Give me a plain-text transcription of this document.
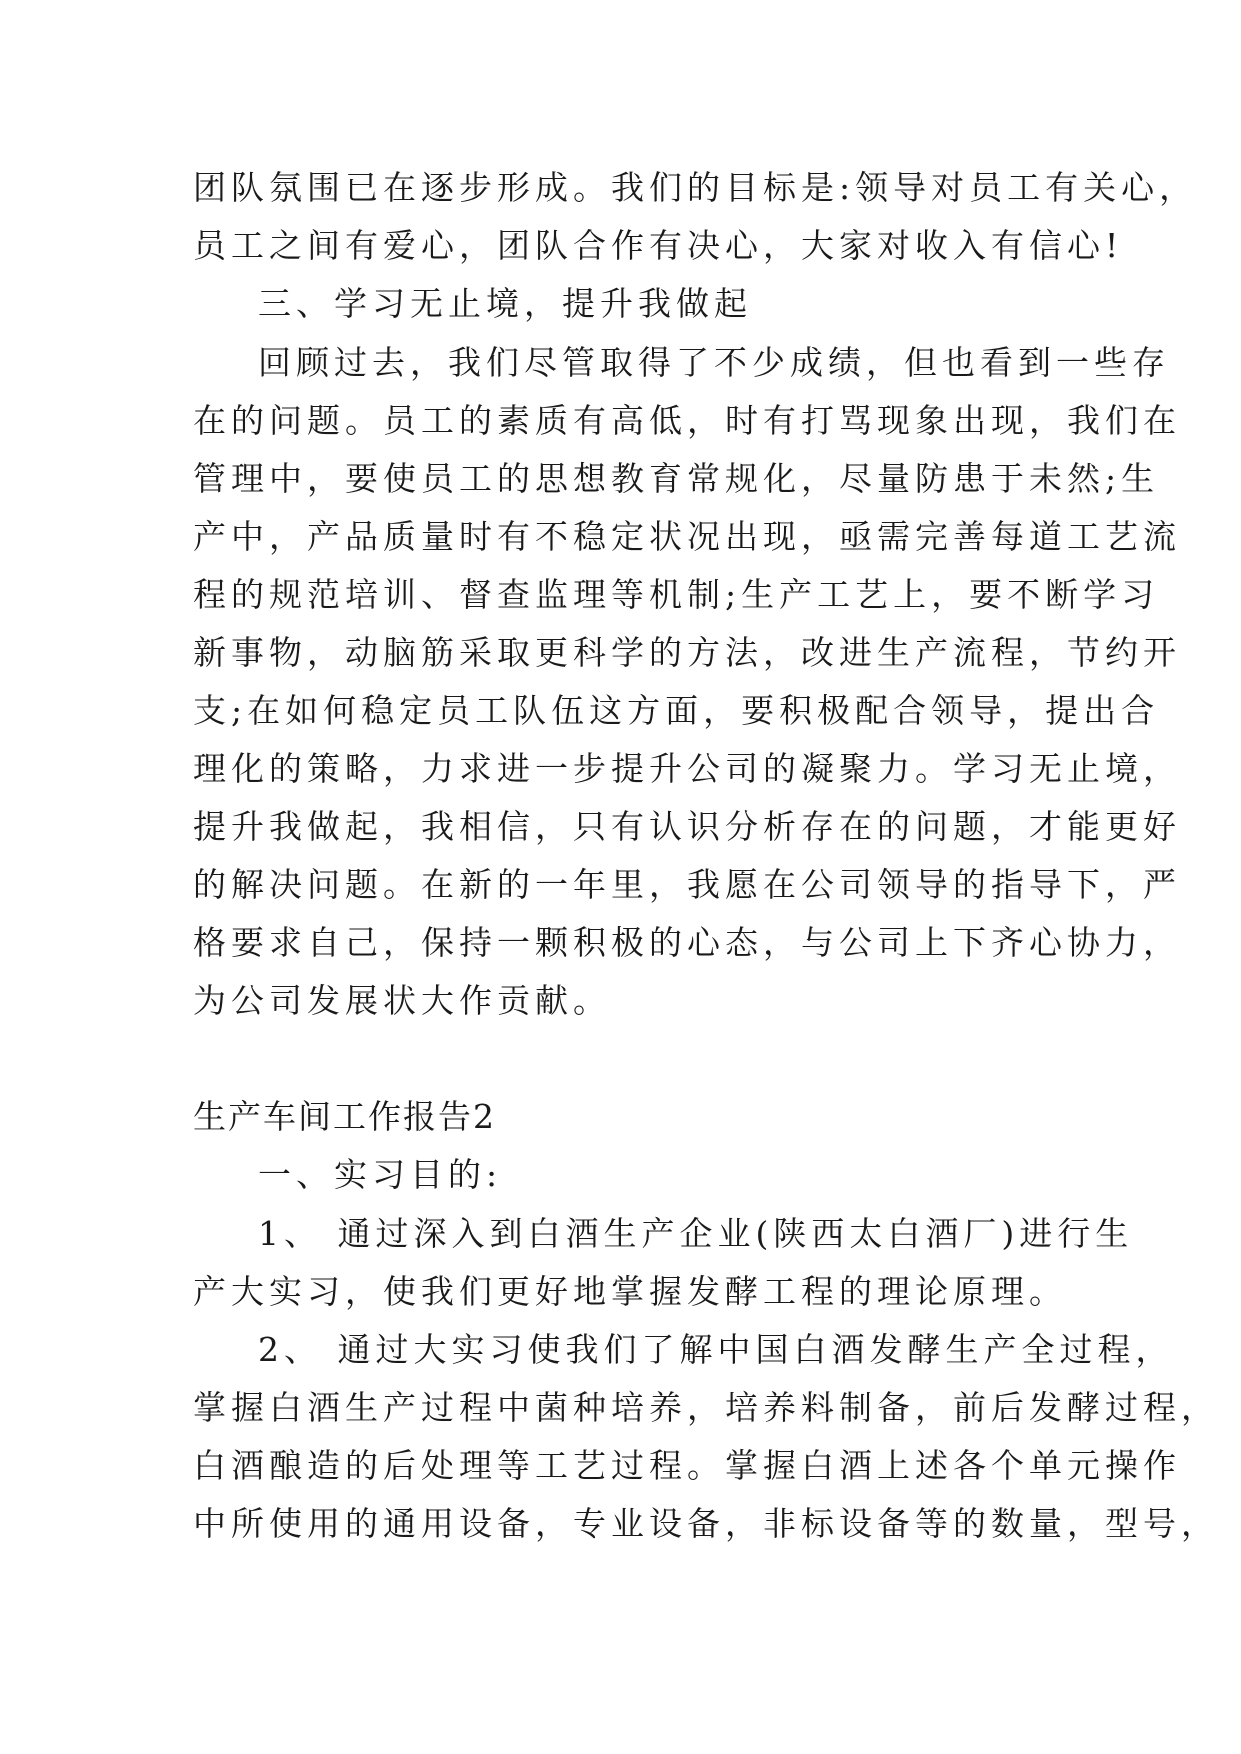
团队氛围已在逐步形成。我们的目标是:领导对员工有关心，
员工之间有爱心，团队合作有决心，大家对收入有信心!
三、学习无止境，提升我做起
回顾过去，我们尽管取得了不少成绩，但也看到一些存
在的问题。员工的素质有高低，时有打骂现象出现，我们在
管理中，要使员工的思想教育常规化，尽量防患于未然;生
产中，产品质量时有不稳定状况出现，亟需完善每道工艺流
程的规范培训、督查监理等机制;生产工艺上，要不断学习
新事物，动脑筋采取更科学的方法，改进生产流程，节约开
支;在如何稳定员工队伍这方面，要积极配合领导，提出合
理化的策略，力求进一步提升公司的凝聚力。学习无止境，
提升我做起，我相信，只有认识分析存在的问题，才能更好
的解决问题。在新的一年里，我愿在公司领导的指导下，严
格要求自己，保持一颗积极的心态，与公司上下齐心协力，
为公司发展状大作贡献。
生产车间工作报告2
一、实习目的:
1、 通过深入到白酒生产企业(陕西太白酒厂)进行生
产大实习，使我们更好地掌握发酵工程的理论原理。
2、 通过大实习使我们了解中国白酒发酵生产全过程，
掌握白酒生产过程中菌种培养，培养料制备，前后发酵过程，
白酒酿造的后处理等工艺过程。掌握白酒上述各个单元操作
中所使用的通用设备，专业设备，非标设备等的数量，型号，
